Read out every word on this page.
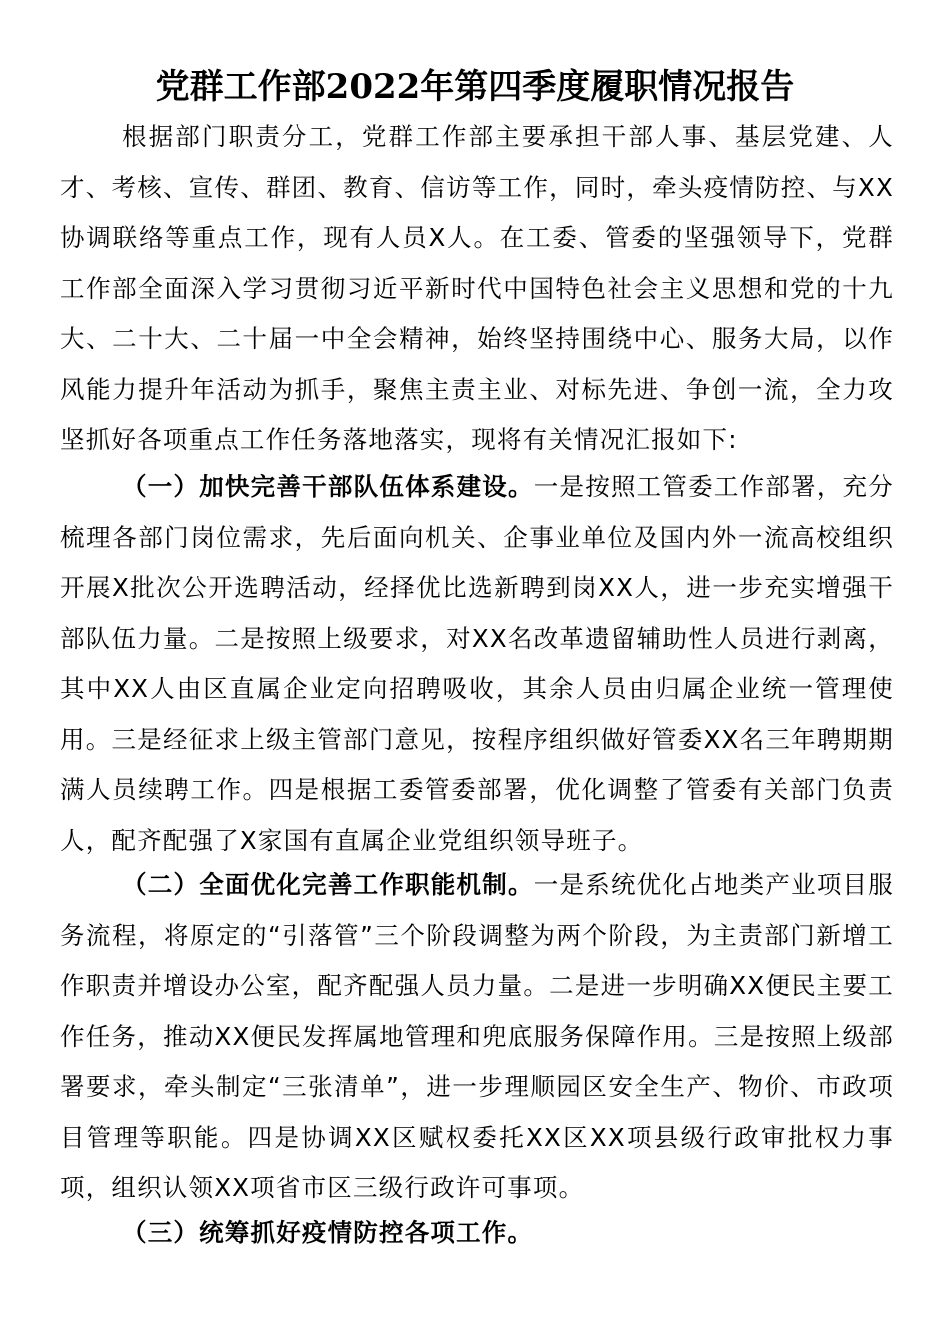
党群工作部2022年第四季度履职情况报告

根据部门职责分工，党群工作部主要承担干部人事、基层党建、人才、考核、宣传、群团、教育、信访等工作，同时，牵头疫情防控、与XX协调联络等重点工作，现有人员X人。在工委、管委的坚强领导下，党群工作部全面深入学习贯彻习近平新时代中国特色社会主义思想和党的十九大、二十大、二十届一中全会精神，始终坚持围绕中心、服务大局，以作风能力提升年活动为抓手，聚焦主责主业、对标先进、争创一流，全力攻坚抓好各项重点工作任务落地落实，现将有关情况汇报如下:

（一）加快完善干部队伍体系建设。一是按照工管委工作部署，充分梳理各部门岗位需求，先后面向机关、企事业单位及国内外一流高校组织开展X批次公开选聘活动，经择优比选新聘到岗XX人，进一步充实增强干部队伍力量。二是按照上级要求，对XX名改革遗留辅助性人员进行剥离，其中XX人由区直属企业定向招聘吸收，其余人员由归属企业统一管理使用。三是经征求上级主管部门意见，按程序组织做好管委XX名三年聘期期满人员续聘工作。四是根据工委管委部署，优化调整了管委有关部门负责人，配齐配强了X家国有直属企业党组织领导班子。

（二）全面优化完善工作职能机制。一是系统优化占地类产业项目服务流程，将原定的“引落管”三个阶段调整为两个阶段，为主责部门新增工作职责并增设办公室，配齐配强人员力量。二是进一步明确XX便民主要工作任务，推动XX便民发挥属地管理和兜底服务保障作用。三是按照上级部署要求，牵头制定“三张清单”，进一步理顺园区安全生产、物价、市政项目管理等职能。四是协调XX区赋权委托XX区XX项县级行政审批权力事项，组织认领XX项省市区三级行政许可事项。

（三）统筹抓好疫情防控各项工作。
